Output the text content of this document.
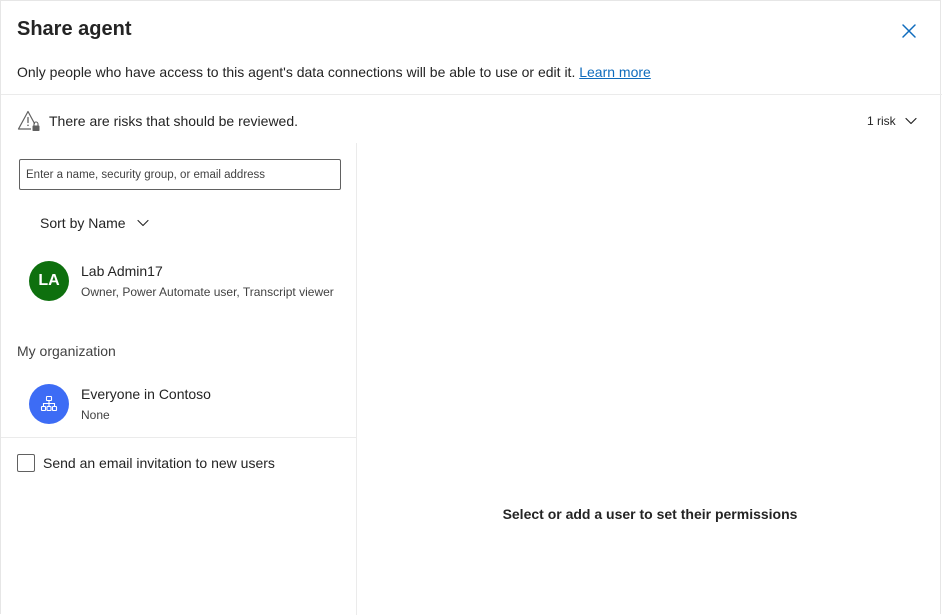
Share agent
Only people who have access to this agent's data connections will be able to use or edit it. Learn more
There are risks that should be reviewed.	1 risk
Enter a name, security group, or email address
Sort by Name
LA
Lab Admin17
Owner, Power Automate user, Transcript viewer
My organization
Everyone in Contoso
None
Send an email invitation to new users
Select or add a user to set their permissions
